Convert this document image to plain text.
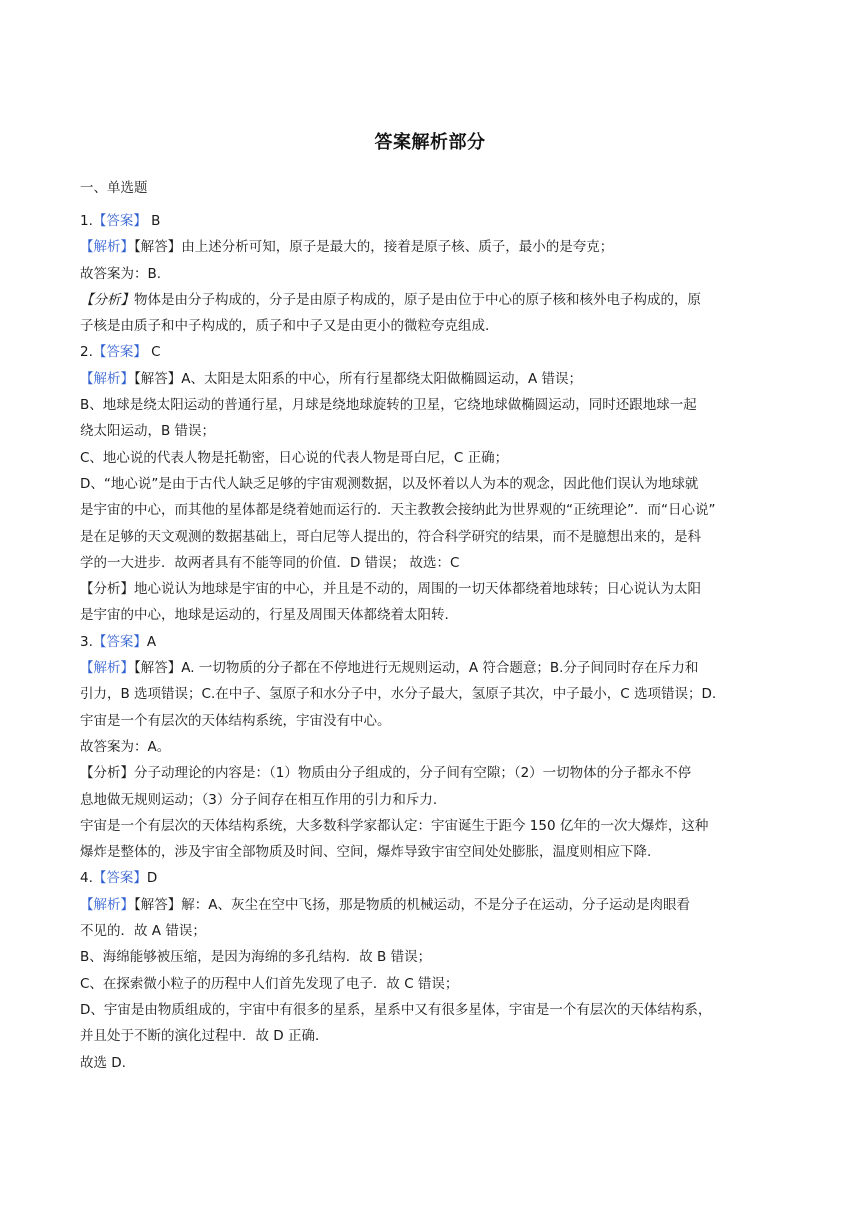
答案解析部分
一、单选题
1.【答案】 B
【解析】【解答】由上述分析可知，原子是最大的，接着是原子核、质子，最小的是夸克；
故答案为：B.
【分析】物体是由分子构成的，分子是由原子构成的，原子是由位于中心的原子核和核外电子构成的，原
子核是由质子和中子构成的，质子和中子又是由更小的微粒夸克组成.
2.【答案】 C
【解析】【解答】A、太阳是太阳系的中心，所有行星都绕太阳做椭圆运动，A 错误；
B、地球是绕太阳运动的普通行星，月球是绕地球旋转的卫星，它绕地球做椭圆运动，同时还跟地球一起
绕太阳运动，B 错误；
C、地心说的代表人物是托勒密，日心说的代表人物是哥白尼，C 正确；
D、“地心说”是由于古代人缺乏足够的宇宙观测数据，以及怀着以人为本的观念，因此他们误认为地球就
是宇宙的中心，而其他的星体都是绕着她而运行的．天主教教会接纳此为世界观的“正统理论”．而“日心说”
是在足够的天文观测的数据基础上，哥白尼等人提出的，符合科学研究的结果，而不是臆想出来的，是科
学的一大进步．故两者具有不能等同的价值．D 错误； 故选：C
【分析】地心说认为地球是宇宙的中心，并且是不动的，周围的一切天体都绕着地球转；日心说认为太阳
是宇宙的中心，地球是运动的，行星及周围天体都绕着太阳转.
3.【答案】A
【解析】【解答】A. 一切物质的分子都在不停地进行无规则运动，A 符合题意；B.分子间同时存在斥力和
引力，B 选项错误；C.在中子、氢原子和水分子中，水分子最大，氢原子其次，中子最小，C 选项错误；D.
宇宙是一个有层次的天体结构系统，宇宙没有中心。
故答案为：A。
【分析】分子动理论的内容是：（1）物质由分子组成的，分子间有空隙；（2）一切物体的分子都永不停
息地做无规则运动；（3）分子间存在相互作用的引力和斥力.
宇宙是一个有层次的天体结构系统，大多数科学家都认定：宇宙诞生于距今 150 亿年的一次大爆炸，这种
爆炸是整体的，涉及宇宙全部物质及时间、空间，爆炸导致宇宙空间处处膨胀，温度则相应下降.
4.【答案】D
【解析】【解答】解：A、灰尘在空中飞扬，那是物质的机械运动，不是分子在运动，分子运动是肉眼看
不见的．故 A 错误；
B、海绵能够被压缩，是因为海绵的多孔结构．故 B 错误；
C、在探索微小粒子的历程中人们首先发现了电子．故 C 错误；
D、宇宙是由物质组成的，宇宙中有很多的星系，星系中又有很多星体，宇宙是一个有层次的天体结构系，
并且处于不断的演化过程中．故 D 正确．
故选 D.
